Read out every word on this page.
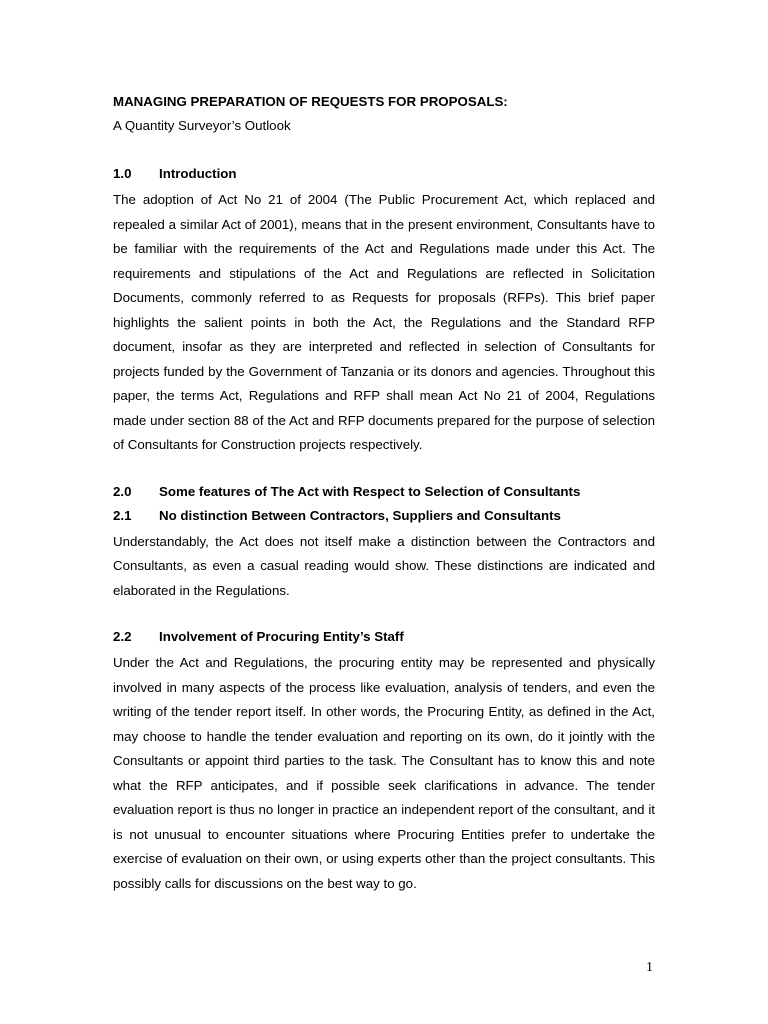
MANAGING PREPARATION OF REQUESTS FOR PROPOSALS:

A Quantity Surveyor’s Outlook

1.0	Introduction

The adoption of Act No 21 of 2004 (The Public Procurement Act, which replaced and repealed a similar Act of 2001), means that in the present environment, Consultants have to be familiar with the requirements of the Act and Regulations made under this Act. The requirements and stipulations of the Act and Regulations are reflected in Solicitation Documents, commonly referred to as Requests for proposals (RFPs). This brief paper highlights the salient points in both the Act, the Regulations and the Standard RFP document, insofar as they are interpreted and reflected in selection of Consultants for projects funded by the Government of Tanzania or its donors and agencies. Throughout this paper, the terms Act, Regulations and RFP shall mean Act No 21 of 2004, Regulations made under section 88 of the Act and RFP documents prepared for the purpose of selection of Consultants for Construction projects respectively.

2.0	Some features of The Act with Respect to Selection of Consultants
2.1	No distinction Between Contractors, Suppliers and Consultants

Understandably, the Act does not itself make a distinction between the Contractors and Consultants, as even a casual reading would show. These distinctions are indicated and elaborated in the Regulations.

2.2	Involvement of Procuring Entity’s Staff

Under the Act and Regulations, the procuring entity may be represented and physically involved in many aspects of the process like evaluation, analysis of tenders, and even the writing of the tender report itself. In other words, the Procuring Entity, as defined in the Act, may choose to handle the tender evaluation and reporting on its own, do it jointly with the Consultants or appoint third parties to the task. The Consultant has to know this and note what the RFP anticipates, and if possible seek clarifications in advance. The tender evaluation report is thus no longer in practice an independent report of the consultant, and it is not unusual to encounter situations where Procuring Entities prefer to undertake the exercise of evaluation on their own, or using experts other than the project consultants. This possibly calls for discussions on the best way to go.

1
